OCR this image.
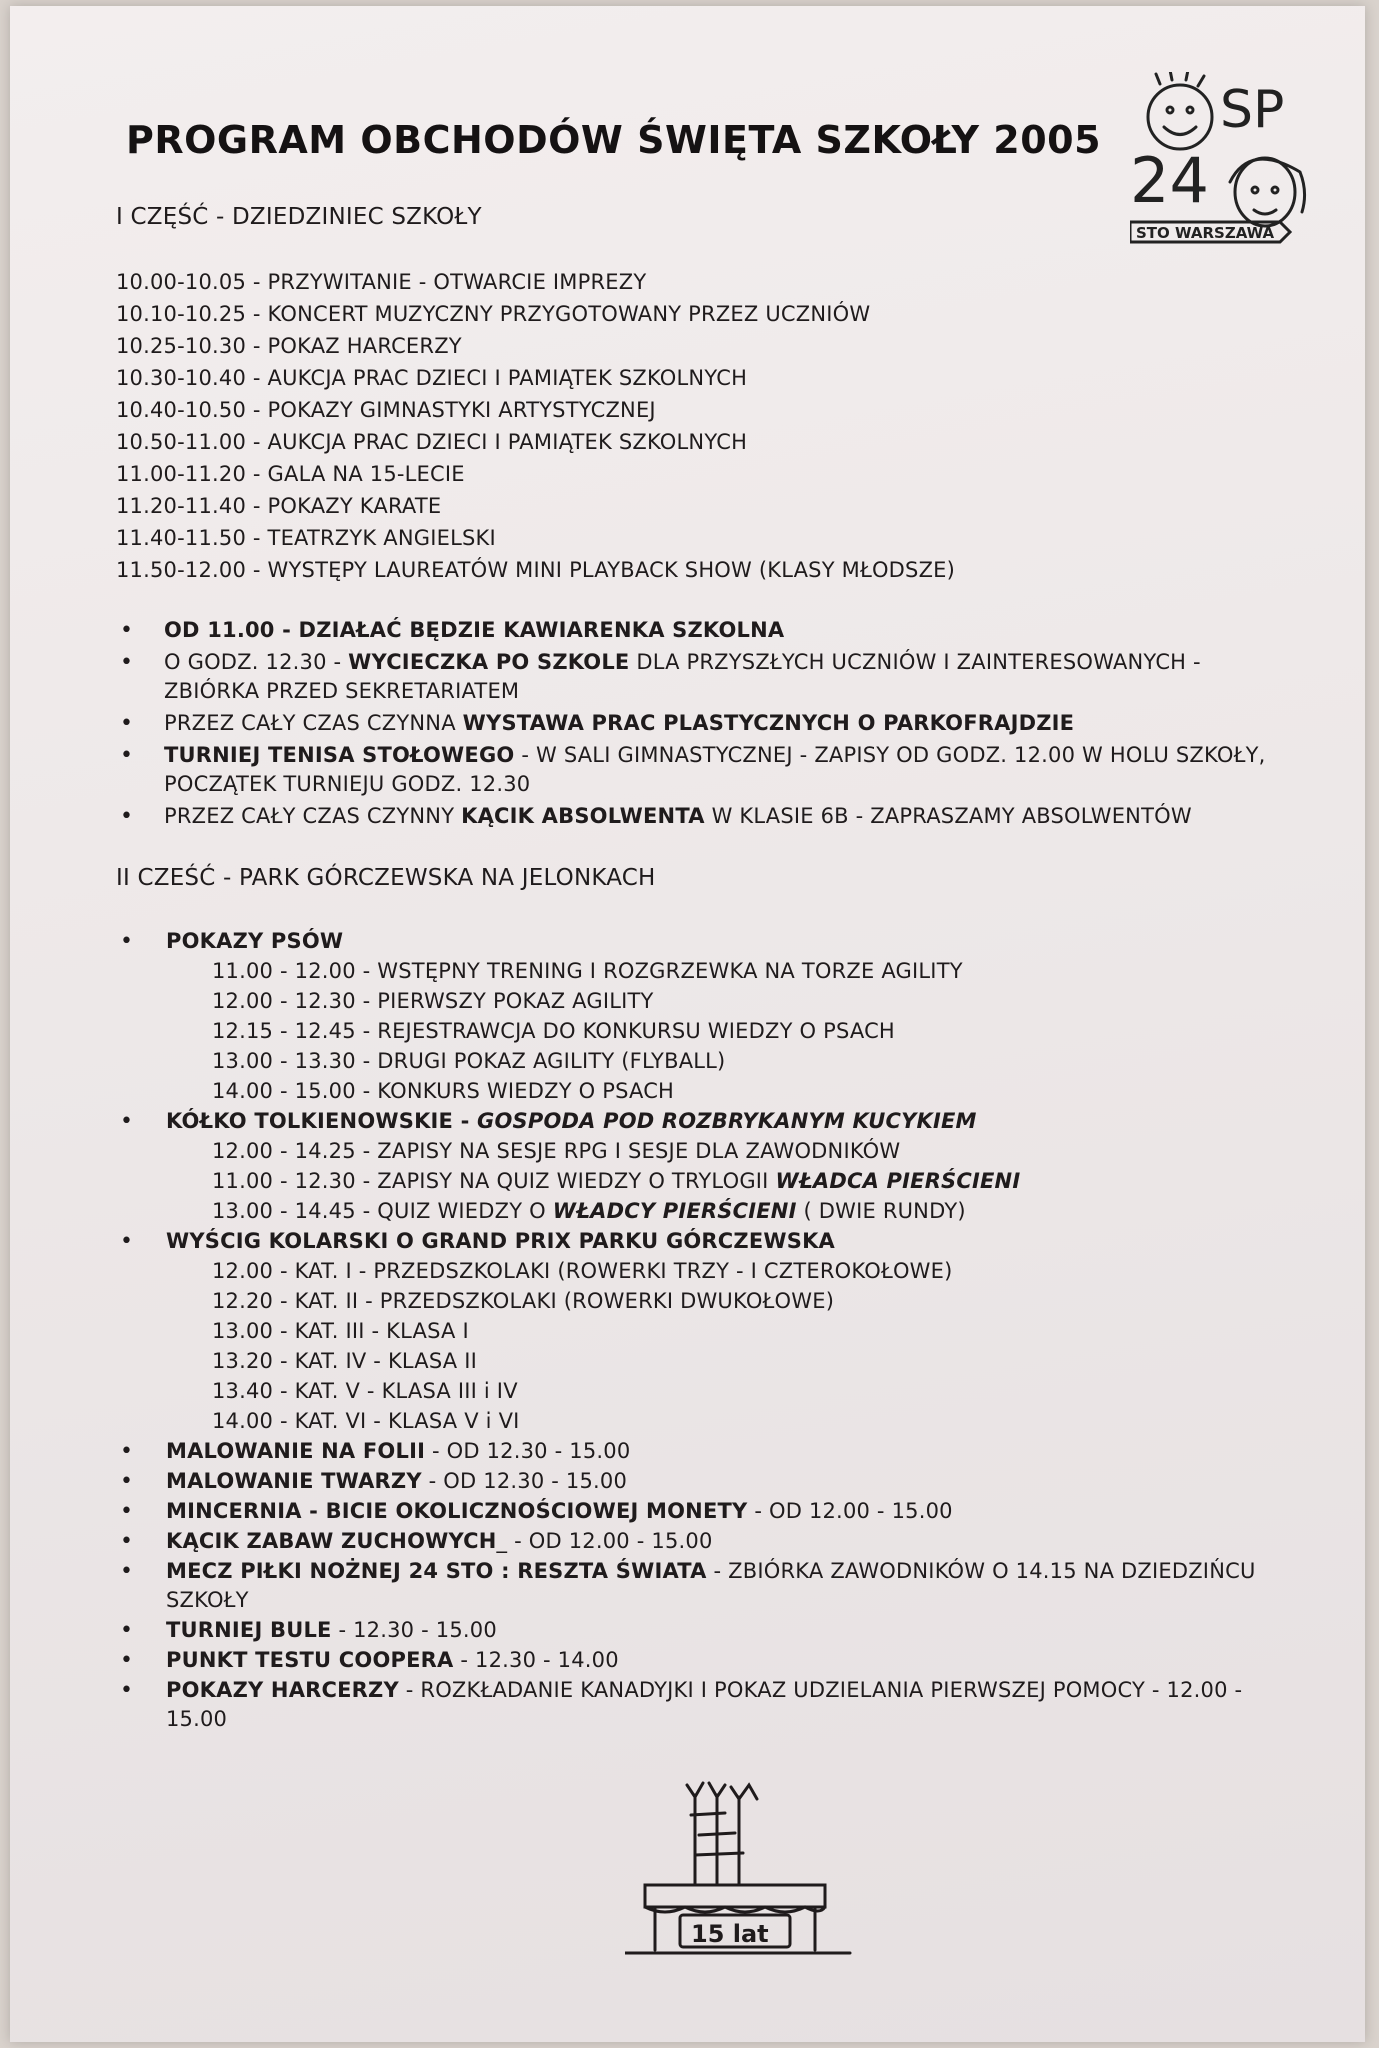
SP
24
STO WARSZAWA
PROGRAM OBCHODÓW ŚWIĘTA SZKOŁY 2005
I CZĘŚĆ - DZIEDZINIEC SZKOŁY
10.00-10.05 - PRZYWITANIE - OTWARCIE IMPREZY
10.10-10.25 - KONCERT MUZYCZNY PRZYGOTOWANY PRZEZ UCZNIÓW
10.25-10.30 - POKAZ HARCERZY
10.30-10.40 - AUKCJA PRAC DZIECI I PAMIĄTEK SZKOLNYCH
10.40-10.50 - POKAZY GIMNASTYKI ARTYSTYCZNEJ
10.50-11.00 - AUKCJA PRAC DZIECI I PAMIĄTEK SZKOLNYCH
11.00-11.20 - GALA NA 15-LECIE
11.20-11.40 - POKAZY KARATE
11.40-11.50 - TEATRZYK ANGIELSKI
11.50-12.00 - WYSTĘPY LAUREATÓW MINI PLAYBACK SHOW (KLASY MŁODSZE)
• OD 11.00 - DZIAŁAĆ BĘDZIE KAWIARENKA SZKOLNA
• O GODZ. 12.30 - WYCIECZKA PO SZKOLE DLA PRZYSZŁYCH UCZNIÓW I ZAINTERESOWANYCH - ZBIÓRKA PRZED SEKRETARIATEM
• PRZEZ CAŁY CZAS CZYNNA WYSTAWA PRAC PLASTYCZNYCH O PARKOFRAJDZIE
• TURNIEJ TENISA STOŁOWEGO - W SALI GIMNASTYCZNEJ - ZAPISY OD GODZ. 12.00 W HOLU SZKOŁY, POCZĄTEK TURNIEJU GODZ. 12.30
• PRZEZ CAŁY CZAS CZYNNY KĄCIK ABSOLWENTA W KLASIE 6B - ZAPRASZAMY ABSOLWENTÓW
II CZEŚĆ - PARK GÓRCZEWSKA NA JELONKACH
• POKAZY PSÓW
11.00 - 12.00 - WSTĘPNY TRENING I ROZGRZEWKA NA TORZE AGILITY
12.00 - 12.30 - PIERWSZY POKAZ AGILITY
12.15 - 12.45 - REJESTRAWCJA DO KONKURSU WIEDZY O PSACH
13.00 - 13.30 - DRUGI POKAZ AGILITY (FLYBALL)
14.00 - 15.00 - KONKURS WIEDZY O PSACH
• KÓŁKO TOLKIENOWSKIE - GOSPODA POD ROZBRYKANYM KUCYKIEM
12.00 - 14.25 - ZAPISY NA SESJE RPG I SESJE DLA ZAWODNIKÓW
11.00 - 12.30 - ZAPISY NA QUIZ WIEDZY O TRYLOGII WŁADCA PIERŚCIENI
13.00 - 14.45 - QUIZ WIEDZY O WŁADCY PIERŚCIENI ( DWIE RUNDY)
• WYŚCIG KOLARSKI O GRAND PRIX PARKU GÓRCZEWSKA
12.00 - KAT. I - PRZEDSZKOLAKI (ROWERKI TRZY - I CZTEROKOŁOWE)
12.20 - KAT. II - PRZEDSZKOLAKI (ROWERKI DWUKOŁOWE)
13.00 - KAT. III - KLASA I
13.20 - KAT. IV - KLASA II
13.40 - KAT. V - KLASA III i IV
14.00 - KAT. VI - KLASA V i VI
• MALOWANIE NA FOLII - OD 12.30 - 15.00
• MALOWANIE TWARZY - OD 12.30 - 15.00
• MINCERNIA - BICIE OKOLICZNOŚCIOWEJ MONETY - OD 12.00 - 15.00
• KĄCIK ZABAW ZUCHOWYCH_ - OD 12.00 - 15.00
• MECZ PIŁKI NOŻNEJ 24 STO : RESZTA ŚWIATA - ZBIÓRKA ZAWODNIKÓW O 14.15 NA DZIEDZIŃCU SZKOŁY
• TURNIEJ BULE - 12.30 - 15.00
• PUNKT TESTU COOPERA - 12.30 - 14.00
• POKAZY HARCERZY - ROZKŁADANIE KANADYJKI I POKAZ UDZIELANIA PIERWSZEJ POMOCY - 12.00 - 15.00
15 lat
